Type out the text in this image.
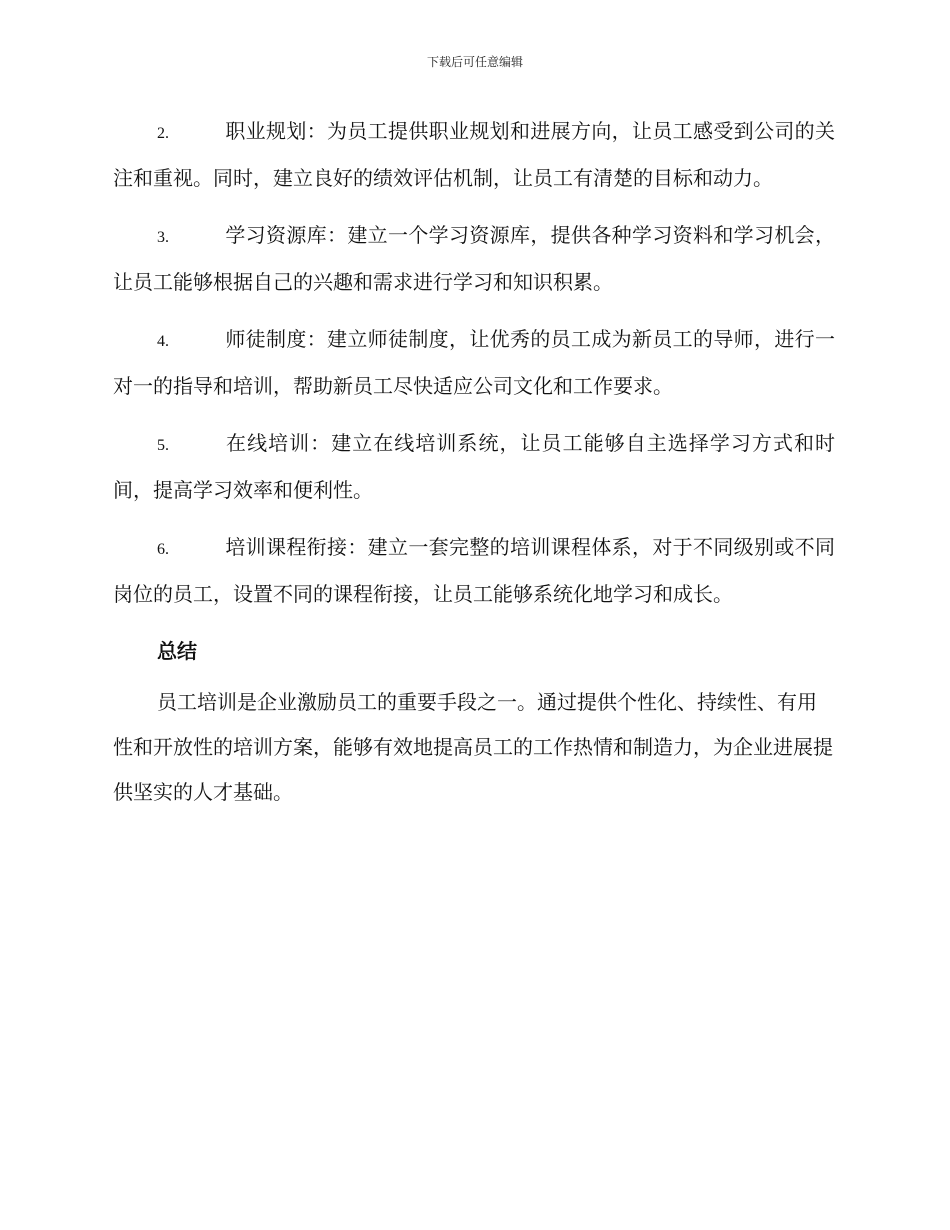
下载后可任意编辑

2.	职业规划：为员工提供职业规划和进展方向，让员工感受到公司的关注和重视。同时，建立良好的绩效评估机制，让员工有清楚的目标和动力。

3.	学习资源库：建立一个学习资源库，提供各种学习资料和学习机会，让员工能够根据自己的兴趣和需求进行学习和知识积累。

4.	师徒制度：建立师徒制度，让优秀的员工成为新员工的导师，进行一对一的指导和培训，帮助新员工尽快适应公司文化和工作要求。

5.	在线培训：建立在线培训系统，让员工能够自主选择学习方式和时间，提高学习效率和便利性。

6.	培训课程衔接：建立一套完整的培训课程体系，对于不同级别或不同岗位的员工，设置不同的课程衔接，让员工能够系统化地学习和成长。

总结

员工培训是企业激励员工的重要手段之一。通过提供个性化、持续性、有用性和开放性的培训方案，能够有效地提高员工的工作热情和制造力，为企业进展提供坚实的人才基础。
